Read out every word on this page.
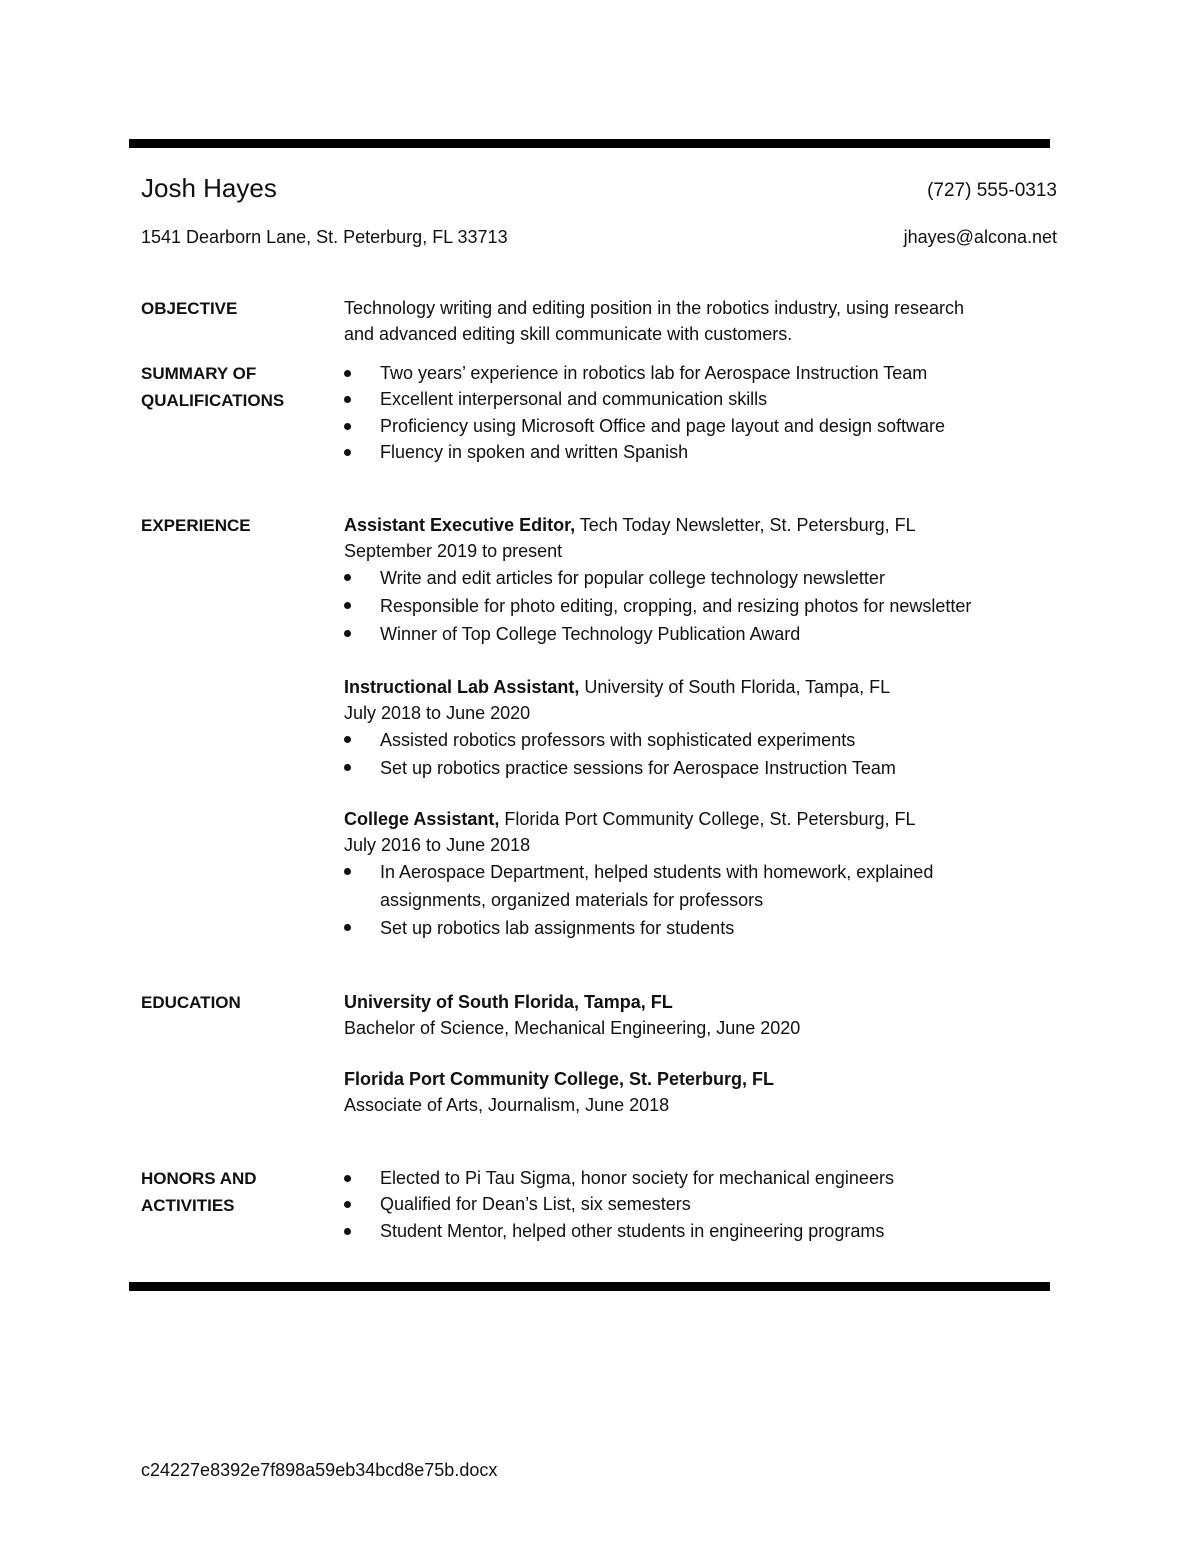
Josh Hayes	(727) 555-0313
1541 Dearborn Lane, St. Peterburg, FL 33713	jhayes@alcona.net
OBJECTIVE	Technology writing and editing position in the robotics industry, using research
and advanced editing skill communicate with customers.
SUMMARY OF
QUALIFICATIONS
Two years’ experience in robotics lab for Aerospace Instruction Team
Excellent interpersonal and communication skills
Proficiency using Microsoft Office and page layout and design software
Fluency in spoken and written Spanish
EXPERIENCE	Assistant Executive Editor, Tech Today Newsletter, St. Petersburg, FL
September 2019 to present
Write and edit articles for popular college technology newsletter
Responsible for photo editing, cropping, and resizing photos for newsletter
Winner of Top College Technology Publication Award
Instructional Lab Assistant, University of South Florida, Tampa, FL
July 2018 to June 2020
Assisted robotics professors with sophisticated experiments
Set up robotics practice sessions for Aerospace Instruction Team
College Assistant, Florida Port Community College, St. Petersburg, FL
July 2016 to June 2018
In Aerospace Department, helped students with homework, explained
assignments, organized materials for professors
Set up robotics lab assignments for students
EDUCATION	University of South Florida, Tampa, FL
Bachelor of Science, Mechanical Engineering, June 2020
Florida Port Community College, St. Peterburg, FL
Associate of Arts, Journalism, June 2018
HONORS AND
ACTIVITIES
Elected to Pi Tau Sigma, honor society for mechanical engineers
Qualified for Dean’s List, six semesters
Student Mentor, helped other students in engineering programs
c24227e8392e7f898a59eb34bcd8e75b.docx
